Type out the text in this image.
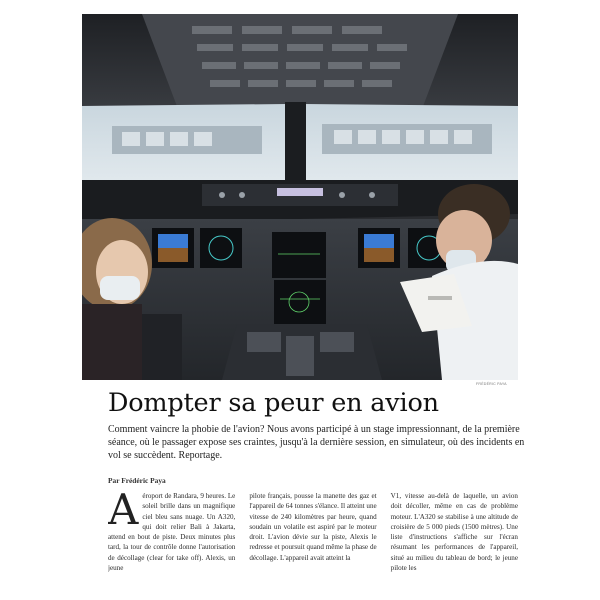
FRÉDÉRIC PAYA
Dompter sa peur en avion

Comment vaincre la phobie de l'avion? Nous avons participé à un stage impressionnant, de la première séance, où le passager expose ses craintes, jusqu'à la dernière session, en simulateur, où des incidents en vol se succèdent. Reportage.

Par Frédéric Paya
A éroport de Randara, 9 heures. Le soleil brille dans un magnifique ciel bleu sans nuage. Un A320, qui doit relier Bali à Jakarta, attend en bout de piste. Deux minutes plus tard, la tour de contrôle donne l'autorisation de décollage (clear for take off). Alexis, un jeune

pilote français, pousse la manette des gaz et l'appareil de 64 tonnes s'élance. Il atteint une vitesse de 240 kilomètres par heure, quand soudain un volatile est aspiré par le moteur droit. L'avion dévie sur la piste, Alexis le redresse et poursuit quand même la phase de décollage. L'appareil avait atteint la

V1, vitesse au-delà de laquelle, un avion doit décoller, même en cas de problème moteur. L'A320 se stabilise à une altitude de croisière de 5 000 pieds (1500 mètres). Une liste d'instructions s'affiche sur l'écran résumant les performances de l'appareil, situé au milieu du tableau de bord; le jeune pilote les
